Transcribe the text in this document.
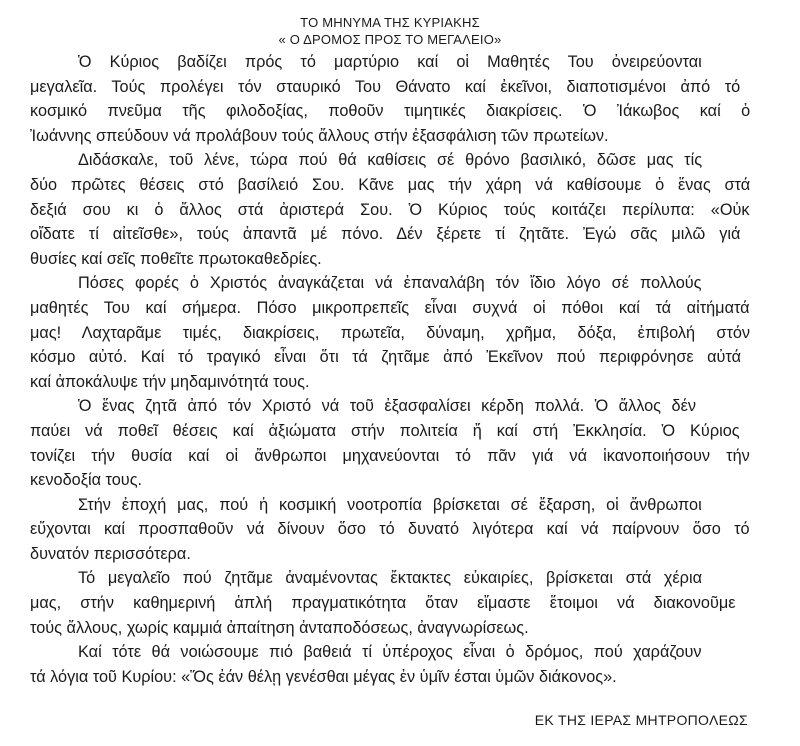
ΤΟ ΜΗΝΥΜΑ ΤΗΣ ΚΥΡΙΑΚΗΣ
« Ο ΔΡΟΜΟΣ ΠΡΟΣ ΤΟ ΜΕΓΑΛΕΙΟ»

Ὁ Κύριος βαδίζει πρός τό μαρτύριο καί οἱ Μαθητές Του ὀνειρεύονται
μεγαλεῖα. Τούς προλέγει τόν σταυρικό Του Θάνατο καί ἐκεῖνοι, διαποτισμένοι ἀπό τό
κοσμικό πνεῦμα τῆς φιλοδοξίας, ποθοῦν τιμητικές διακρίσεις. Ὁ Ἰάκωβος καί ὁ
Ἰωάννης σπεύδουν νά προλάβουν τούς ἄλλους στήν ἐξασφάλιση τῶν πρωτείων.

Διδάσκαλε, τοῦ λένε, τώρα πού θά καθίσεις σέ θρόνο βασιλικό, δῶσε μας τίς
δύο πρῶτες θέσεις στό βασίλειό Σου. Κᾶνε μας τήν χάρη νά καθίσουμε ὁ ἕνας στά
δεξιά σου κι ὁ ἄλλος στά ἀριστερά Σου. Ὁ Κύριος τούς κοιτάζει περίλυπα: «Οὐκ
οἴδατε τί αἰτεῖσθε», τούς ἀπαντᾶ μέ πόνο. Δέν ξέρετε τί ζητᾶτε. Ἐγώ σᾶς μιλῶ γιά
θυσίες καί σεῖς ποθεῖτε πρωτοκαθεδρίες.

Πόσες φορές ὁ Χριστός ἀναγκάζεται νά ἐπαναλάβη τόν ἴδιο λόγο σέ πολλούς
μαθητές Του καί σήμερα. Πόσο μικροπρεπεῖς εἶναι συχνά οἱ πόθοι καί τά αἰτήματά
μας! Λαχταρᾶμε τιμές, διακρίσεις, πρωτεῖα, δύναμη, χρῆμα, δόξα, ἐπιβολή στόν
κόσμο αὐτό. Καί τό τραγικό εἶναι ὅτι τά ζητᾶμε ἀπό Ἐκεῖνον πού περιφρόνησε αὐτά
καί ἀποκάλυψε τήν μηδαμινότητά τους.

Ὁ ἕνας ζητᾶ ἀπό τόν Χριστό νά τοῦ ἐξασφαλίσει κέρδη πολλά. Ὁ ἄλλος δέν
παύει νά ποθεῖ θέσεις καί ἀξιώματα στήν πολιτεία ἤ καί στή Ἐκκλησία. Ὁ Κύριος
τονίζει τήν θυσία καί οἱ ἄνθρωποι μηχανεύονται τό πᾶν γιά νά ἱκανοποιήσουν τήν
κενοδοξία τους.

Στήν ἐποχή μας, πού ἡ κοσμική νοοτροπία βρίσκεται σέ ἔξαρση, οἱ ἄνθρωποι
εὔχονται καί προσπαθοῦν νά δίνουν ὅσο τό δυνατό λιγότερα καί νά παίρνουν ὅσο τό
δυνατόν περισσότερα.

Τό μεγαλεῖο πού ζητᾶμε ἀναμένοντας ἔκτακτες εὐκαιρίες, βρίσκεται στά χέρια
μας, στήν καθημερινή ἁπλή πραγματικότητα ὅταν εἴμαστε ἕτοιμοι νά διακονοῦμε
τούς ἄλλους, χωρίς καμμιά ἀπαίτηση ἀνταποδόσεως, ἀναγνωρίσεως.

Καί τότε θά νοιώσουμε πιό βαθειά τί ὑπέροχος εἶναι ὁ δρόμος, πού χαράζουν
τά λόγια τοῦ Κυρίου: «Ὅς ἐάν θέλῃ γενέσθαι μέγας ἐν ὑμῖν έσται ὑμῶν διάκονος».

ΕΚ ΤΗΣ ΙΕΡΑΣ ΜΗΤΡΟΠΟΛΕΩΣ
